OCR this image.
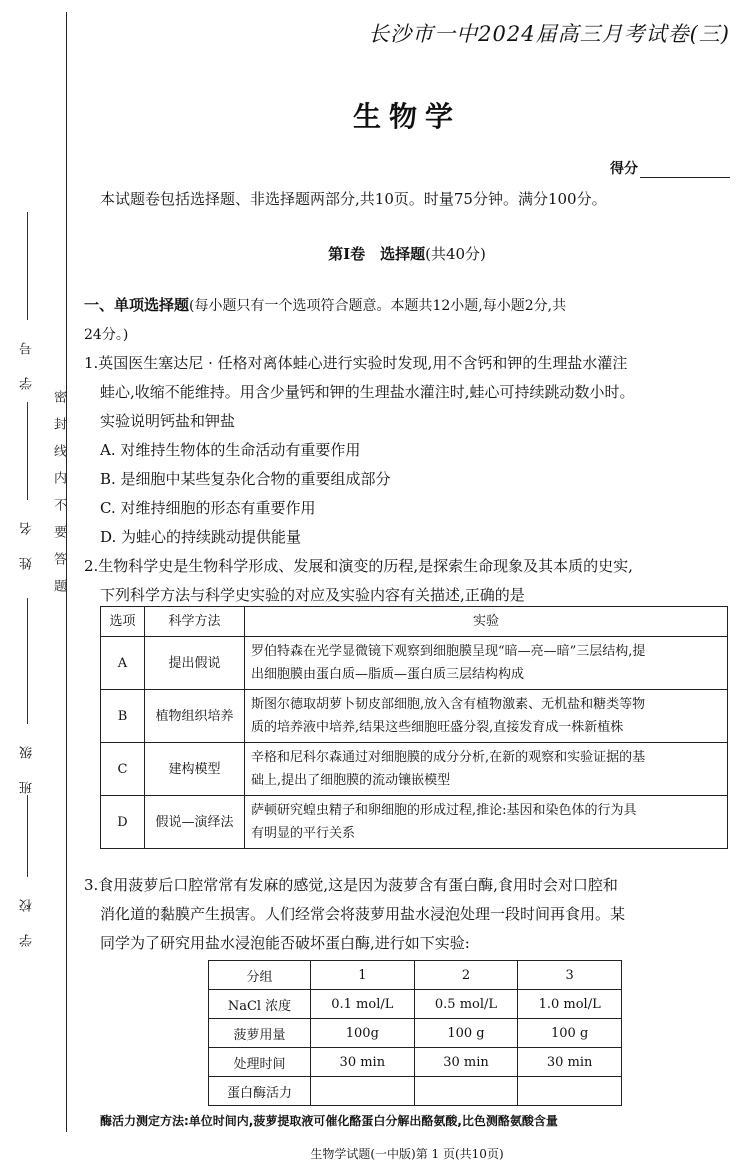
学号
姓名
班级
学校
密封线内不要答题
长沙市一中2024届高三月考试卷(三)
生物学
得分
本试题卷包括选择题、非选择题两部分,共10页。时量75分钟。满分100分。
第Ⅰ卷　选择题(共40分)

一、单项选择题(每小题只有一个选项符合题意。本题共12小题,每小题2分,共

24分。)

1.英国医生塞达尼 · 任格对离体蛙心进行实验时发现,用不含钙和钾的生理盐水灌注

蛙心,收缩不能维持。用含少量钙和钾的生理盐水灌注时,蛙心可持续跳动数小时。

实验说明钙盐和钾盐

A. 对维持生物体的生命活动有重要作用

B. 是细胞中某些复杂化合物的重要组成部分

C. 对维持细胞的形态有重要作用

D. 为蛙心的持续跳动提供能量

2.生物科学史是生物科学形成、发展和演变的历程,是探索生命现象及其本质的史实,

下列科学方法与科学史实验的对应及实验内容有关描述,正确的是

选项	科学方法	实验
A	提出假说	罗伯特森在光学显微镜下观察到细胞膜呈现“暗—亮—暗”三层结构,提
出细胞膜由蛋白质—脂质—蛋白质三层结构构成

B	植物组织培养	斯图尔德取胡萝卜韧皮部细胞,放入含有植物激素、无机盐和糖类等物
质的培养液中培养,结果这些细胞旺盛分裂,直接发育成一株新植株

C	建构模型	辛格和尼科尔森通过对细胞膜的成分分析,在新的观察和实验证据的基
础上,提出了细胞膜的流动镶嵌模型

D	假说—演绎法	萨顿研究蝗虫精子和卵细胞的形成过程,推论:基因和染色体的行为具
有明显的平行关系

3.食用菠萝后口腔常常有发麻的感觉,这是因为菠萝含有蛋白酶,食用时会对口腔和

消化道的黏膜产生损害。人们经常会将菠萝用盐水浸泡处理一段时间再食用。某

同学为了研究用盐水浸泡能否破坏蛋白酶,进行如下实验:

分组	1	2	3
NaCl 浓度	0.1 mol/L	0.5 mol/L	1.0 mol/L
菠萝用量	100g	100 g	100 g
处理时间	30 min	30 min	30 min
蛋白酶活力			
酶活力测定方法:单位时间内,菠萝提取液可催化酪蛋白分解出酪氨酸,比色测酪氨酸含量
生物学试题(一中版)第 1 页(共10页)
